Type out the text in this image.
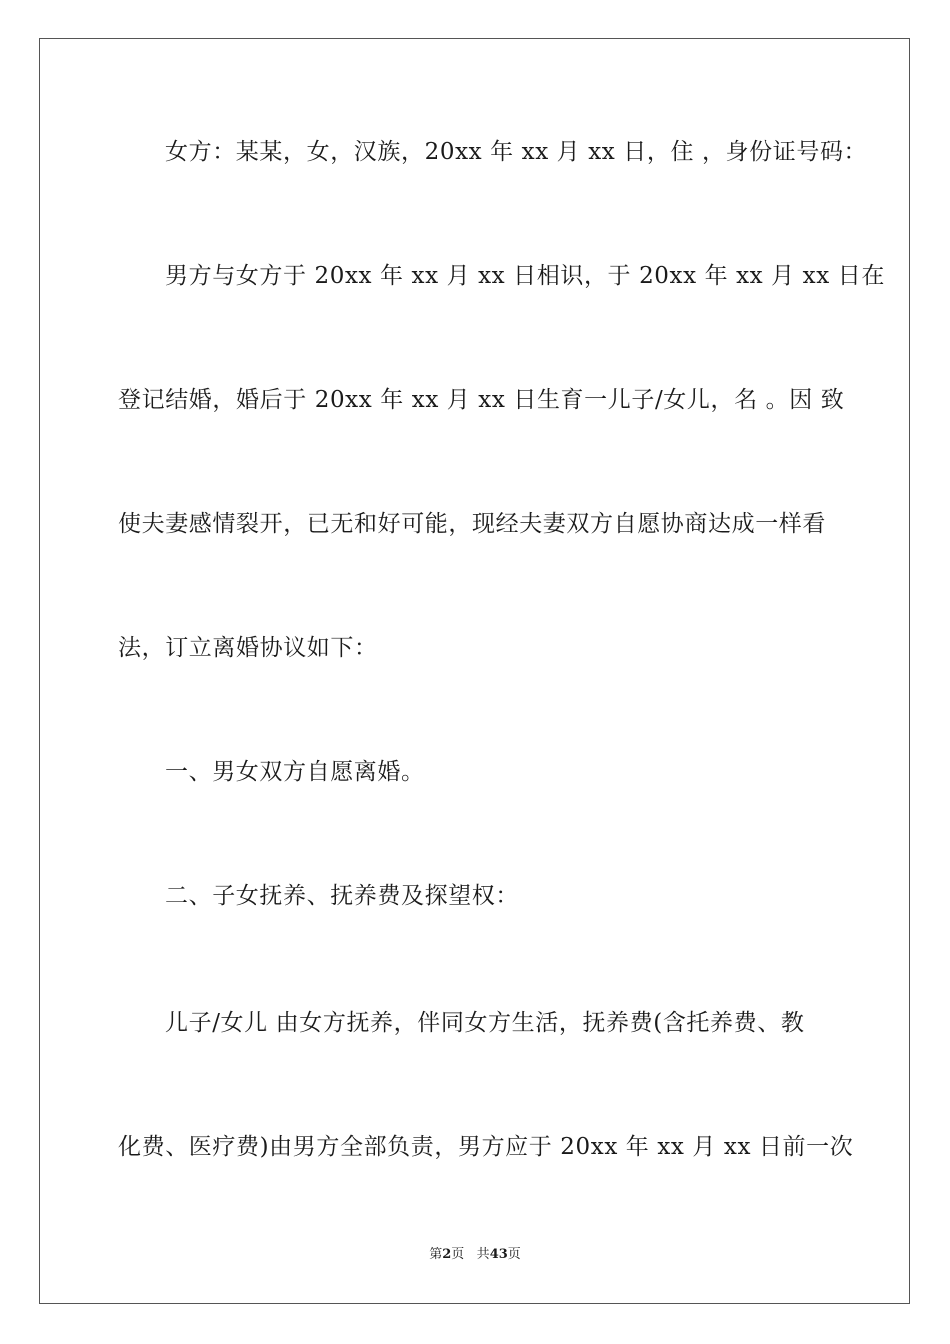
女方：某某，女，汉族，20xx 年 xx 月 xx 日，住 ，身份证号码：
男方与女方于 20xx 年 xx 月 xx 日相识，于 20xx 年 xx 月 xx 日在
登记结婚，婚后于 20xx 年 xx 月 xx 日生育一儿子/女儿，名 。因 致
使夫妻感情裂开，已无和好可能，现经夫妻双方自愿协商达成一样看
法，订立离婚协议如下：
一、男女双方自愿离婚。
二、子女抚养、抚养费及探望权：
儿子/女儿 由女方抚养，伴同女方生活，抚养费(含托养费、教
化费、医疗费)由男方全部负责，男方应于 20xx 年 xx 月 xx 日前一次
第2页 共43页
